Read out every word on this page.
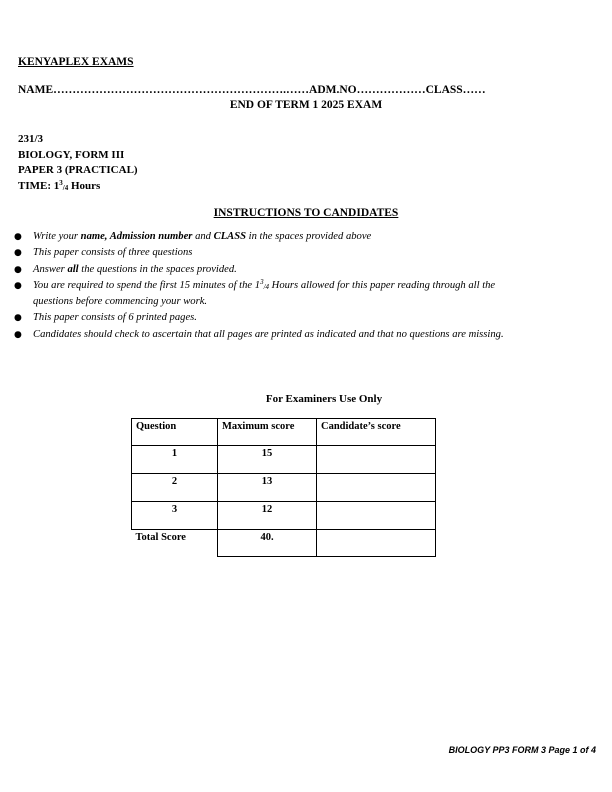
KENYAPLEX EXAMS
NAME…………………………………………………….……ADM.NO………………CLASS……
END OF TERM 1 2025 EXAM
231/3
BIOLOGY, FORM III
PAPER 3 (PRACTICAL)
TIME: $1^3_{/4}$ Hours
INSTRUCTIONS TO CANDIDATES
● Write your name, Admission number and CLASS in the spaces provided above
● This paper consists of three questions
● Answer all the questions in the spaces provided.
● You are required to spend the first 15 minutes of the $1^3_{/4}$ Hours allowed for this paper reading through all the
questions before commencing your work.
● This paper consists of 6 printed pages.
● Candidates should check to ascertain that all pages are printed as indicated and that no questions are missing.
For Examiners Use Only
Question	Maximum score	Candidate’s score

1	15	

2	13	

3	12	

Total Score	40.	

BIOLOGY PP3 FORM 3 Page 1 of 4
